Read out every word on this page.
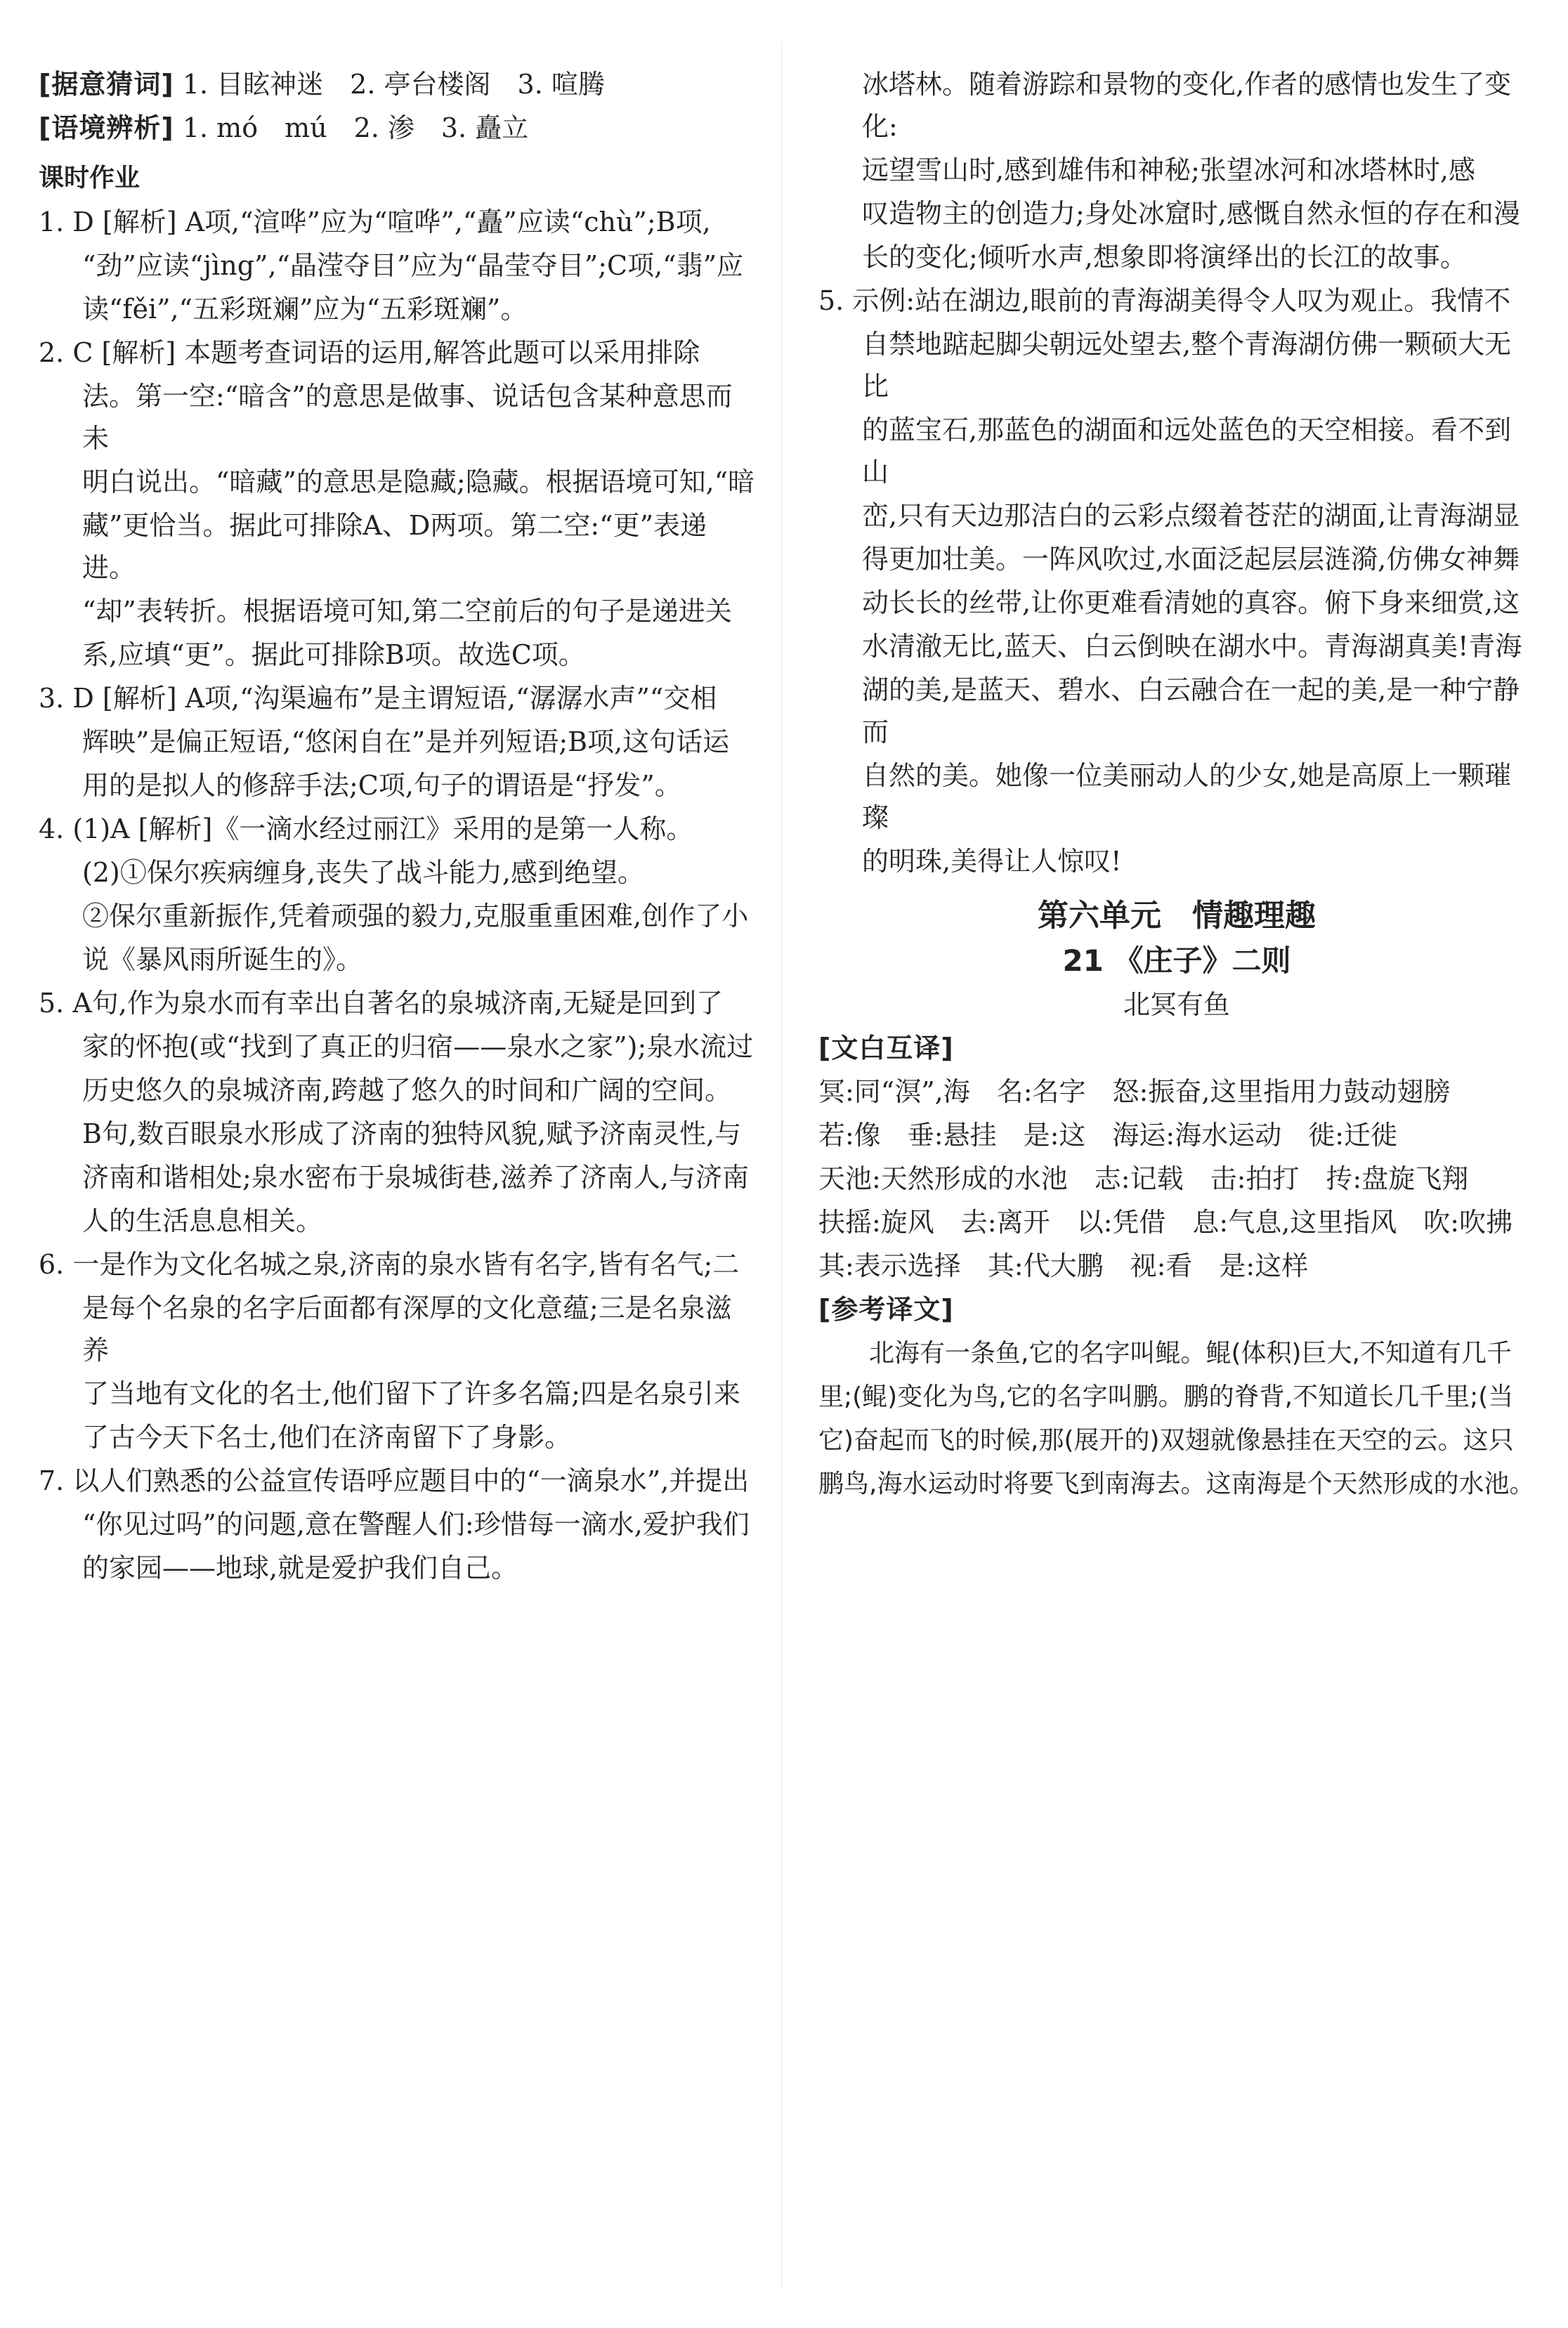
[据意猜词] 1. 目眩神迷　2. 亭台楼阁　3. 喧腾

[语境辨析] 1. mó　mú　2. 渗　3. 矗立

课时作业

1. D [解析] A项,“渲哗”应为“喧哗”,“矗”应读“chù”;B项,

“劲”应读“jìng”,“晶滢夺目”应为“晶莹夺目”;C项,“翡”应

读“fěi”,“五彩斑斓”应为“五彩斑斓”。

2. C [解析] 本题考查词语的运用,解答此题可以采用排除

法。第一空:“暗含”的意思是做事、说话包含某种意思而未

明白说出。“暗藏”的意思是隐藏;隐藏。根据语境可知,“暗

藏”更恰当。据此可排除A、D两项。第二空:“更”表递进。

“却”表转折。根据语境可知,第二空前后的句子是递进关

系,应填“更”。据此可排除B项。故选C项。

3. D [解析] A项,“沟渠遍布”是主谓短语,“潺潺水声”“交相

辉映”是偏正短语,“悠闲自在”是并列短语;B项,这句话运

用的是拟人的修辞手法;C项,句子的谓语是“抒发”。

4. (1)A [解析]《一滴水经过丽江》采用的是第一人称。

(2)①保尔疾病缠身,丧失了战斗能力,感到绝望。

②保尔重新振作,凭着顽强的毅力,克服重重困难,创作了小

说《暴风雨所诞生的》。

5. A句,作为泉水而有幸出自著名的泉城济南,无疑是回到了

家的怀抱(或“找到了真正的归宿——泉水之家”);泉水流过

历史悠久的泉城济南,跨越了悠久的时间和广阔的空间。

B句,数百眼泉水形成了济南的独特风貌,赋予济南灵性,与

济南和谐相处;泉水密布于泉城街巷,滋养了济南人,与济南

人的生活息息相关。

6. 一是作为文化名城之泉,济南的泉水皆有名字,皆有名气;二

是每个名泉的名字后面都有深厚的文化意蕴;三是名泉滋养

了当地有文化的名士,他们留下了许多名篇;四是名泉引来

了古今天下名士,他们在济南留下了身影。

7. 以人们熟悉的公益宣传语呼应题目中的“一滴泉水”,并提出

“你见过吗”的问题,意在警醒人们:珍惜每一滴水,爱护我们

的家园——地球,就是爱护我们自己。

冰塔林。随着游踪和景物的变化,作者的感情也发生了变化:

远望雪山时,感到雄伟和神秘;张望冰河和冰塔林时,感

叹造物主的创造力;身处冰窟时,感慨自然永恒的存在和漫

长的变化;倾听水声,想象即将演绎出的长江的故事。

5. 示例:站在湖边,眼前的青海湖美得令人叹为观止。我情不

自禁地踮起脚尖朝远处望去,整个青海湖仿佛一颗硕大无比

的蓝宝石,那蓝色的湖面和远处蓝色的天空相接。看不到山

峦,只有天边那洁白的云彩点缀着苍茫的湖面,让青海湖显

得更加壮美。一阵风吹过,水面泛起层层涟漪,仿佛女神舞

动长长的丝带,让你更难看清她的真容。俯下身来细赏,这

水清澈无比,蓝天、白云倒映在湖水中。青海湖真美!青海

湖的美,是蓝天、碧水、白云融合在一起的美,是一种宁静而

自然的美。她像一位美丽动人的少女,她是高原上一颗璀璨

的明珠,美得让人惊叹!

第六单元　情趣理趣

21 《庄子》二则

北冥有鱼

[文白互译]

冥:同“溟”,海　名:名字　怒:振奋,这里指用力鼓动翅膀

若:像　垂:悬挂　是:这　海运:海水运动　徙:迁徙

天池:天然形成的水池　志:记载　击:拍打　抟:盘旋飞翔

扶摇:旋风　去:离开　以:凭借　息:气息,这里指风　吹:吹拂

其:表示选择　其:代大鹏　视:看　是:这样

[参考译文]

北海有一条鱼,它的名字叫鲲。鲲(体积)巨大,不知道有几千里;(鲲)变化为鸟,它的名字叫鹏。鹏的脊背,不知道长几千里;(当它)奋起而飞的时候,那(展开的)双翅就像悬挂在天空的云。这只鹏鸟,海水运动时将要飞到南海去。这南海是个天然形成的水池。
